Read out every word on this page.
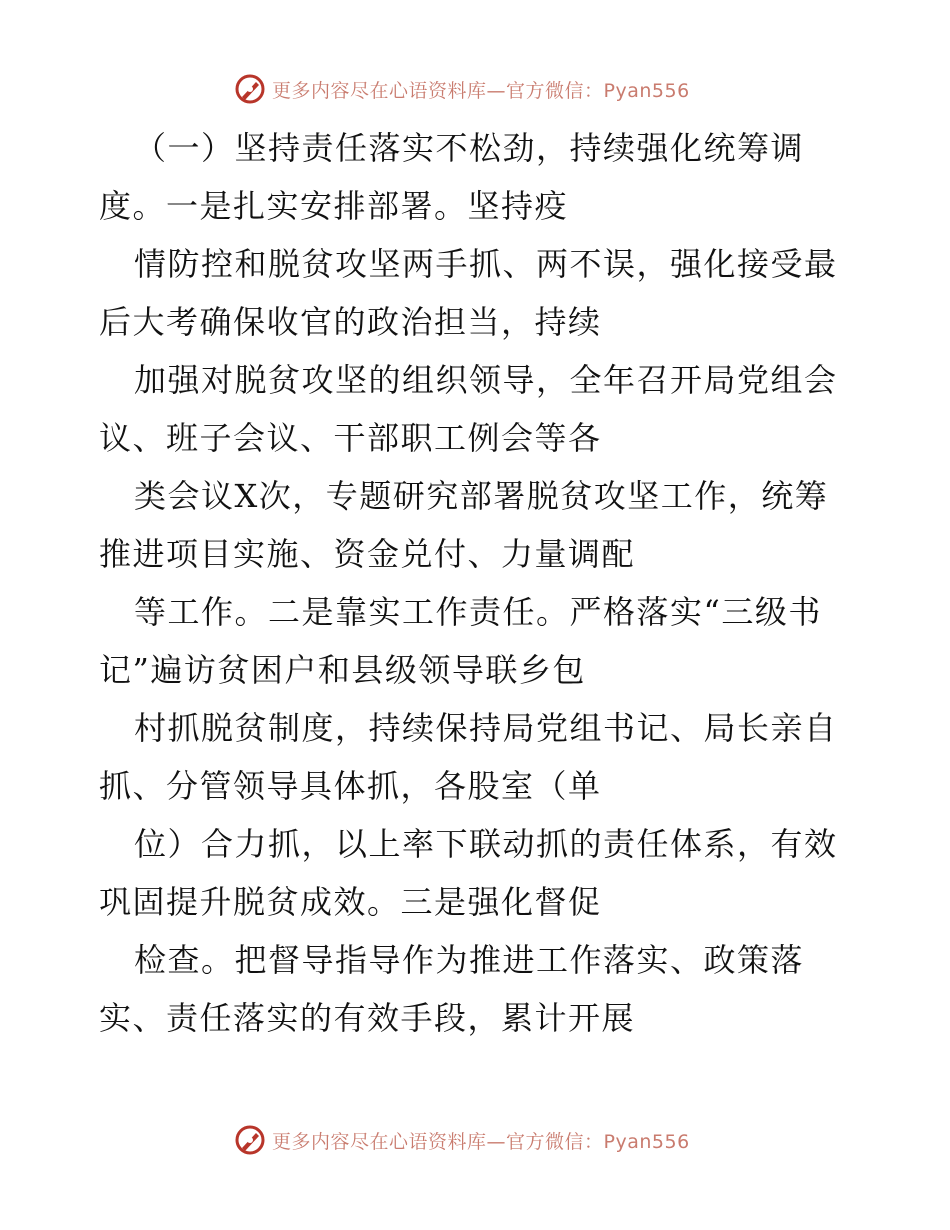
更多内容尽在心语资料库—官方微信：Pyan556
（一）坚持责任落实不松劲，持续强化统筹调
度。一是扎实安排部署。坚持疫
情防控和脱贫攻坚两手抓、两不误，强化接受最
后大考确保收官的政治担当，持续
加强对脱贫攻坚的组织领导，全年召开局党组会
议、班子会议、干部职工例会等各
类会议X次，专题研究部署脱贫攻坚工作，统筹
推进项目实施、资金兑付、力量调配
等工作。二是靠实工作责任。严格落实“三级书
记”遍访贫困户和县级领导联乡包
村抓脱贫制度，持续保持局党组书记、局长亲自
抓、分管领导具体抓，各股室（单
位）合力抓，以上率下联动抓的责任体系，有效
巩固提升脱贫成效。三是强化督促
检查。把督导指导作为推进工作落实、政策落
实、责任落实的有效手段，累计开展
更多内容尽在心语资料库—官方微信：Pyan556
